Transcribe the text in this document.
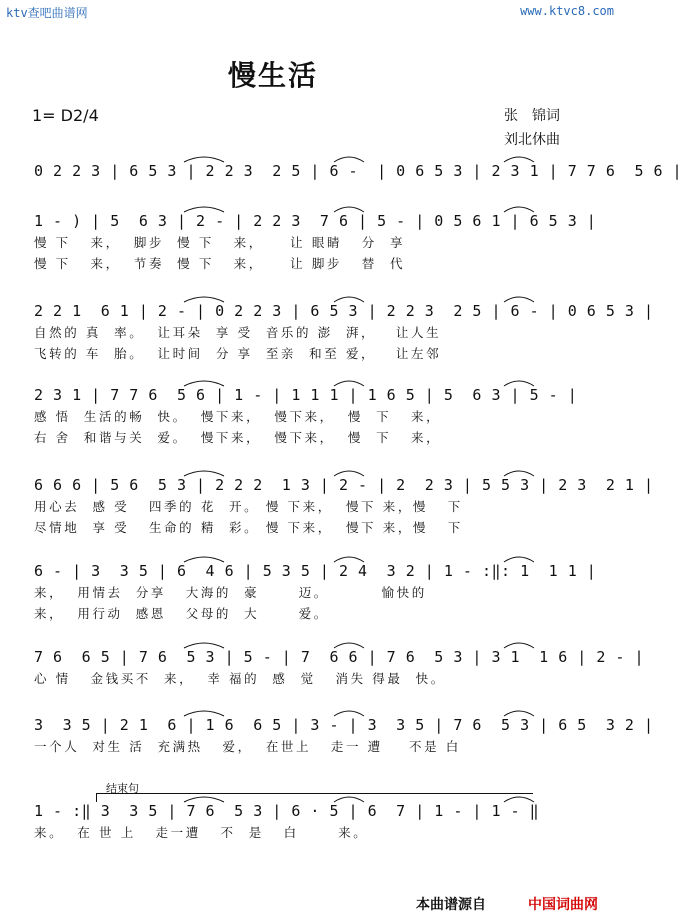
ktv查吧曲谱网	www.ktvc8.com
慢生活
1= D2/4	张　锦词
刘北休曲
0 2 2 3 | 6 5 3 | 2 2 3  2 5 | 6 -  | 0 6 5 3 | 2 3 1 | 7 7 6  5 6 |
1 - ) | 5  6 3 | 2 - | 2 2 3  7 6 | 5 - | 0 5 6 1 | 6 5 3 |
慢 下   来，  脚步  慢 下   来，    让 眼睛   分  享
慢 下   来，  节奏  慢 下   来，    让 脚步   替  代
2 2 1  6 1 | 2 - | 0 2 2 3 | 6 5 3 | 2 2 3  2 5 | 6 - | 0 6 5 3 |
自然的 真  率。  让耳朵  享 受  音乐的 澎  湃，   让人生
飞转的 车  胎。  让时间  分 享  至亲  和至 爱，   让左邻
2 3 1 | 7 7 6  5 6 | 1 - | 1 1 1 | 1 6 5 | 5  6 3 | 5 - |
感 悟  生活的畅  快。  慢下来，  慢下来，  慢  下   来，
右 舍  和谐与关  爱。  慢下来，  慢下来，  慢  下   来，
6 6 6 | 5 6  5 3 | 2 2 2  1 3 | 2 - | 2  2 3 | 5 5 3 | 2 3  2 1 |
用心去  感 受   四季的 花  开。 慢 下来，  慢下 来，慢   下
尽情地  享 受   生命的 精  彩。 慢 下来，  慢下 来，慢   下
6 - | 3  3 5 | 6  4 6 | 5 3 5 | 2 4  3 2 | 1 - :‖: 1  1 1 |
来，  用情去  分享   大海的  豪      迈。        愉快的
来，  用行动  感恩   父母的  大      爱。
7 6  6 5 | 7 6  5 3 | 5 - | 7  6 6 | 7 6  5 3 | 3 1  1 6 | 2 - |
心 情   金钱买不  来，  幸 福的  感  觉   消失 得最  快。
3  3 5 | 2 1  6 | 1 6  6 5 | 3 - | 3  3 5 | 7 6  5 3 | 6 5  3 2 |
一个人  对生 活  充满热   爱，  在世上   走一 遭    不是 白
1 - :‖ 3  3 5 | 7 6  5 3 | 6 · 5 | 6  7 | 1 - | 1 - ‖
来。  在 世 上   走一遭   不  是   白      来。
结束句
本曲谱源自	中国词曲网
